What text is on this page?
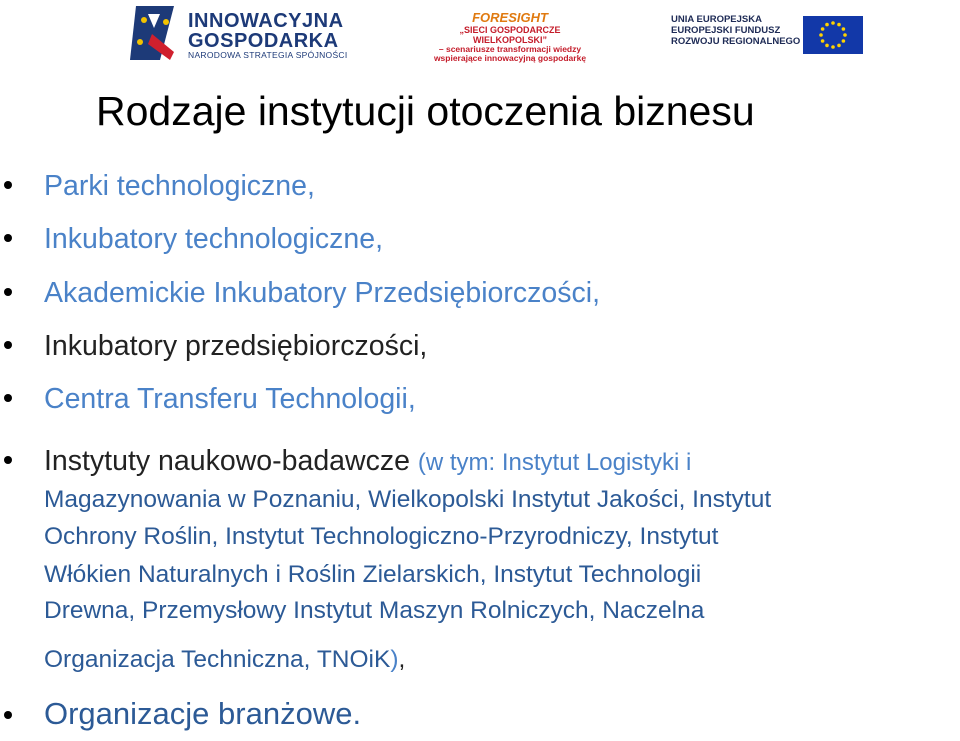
INNOWACYJNA
GOSPODARKA
NARODOWA STRATEGIA SPÓJNOŚCI
FORESIGHT
„SIECI GOSPODARCZE WIELKOPOLSKI”
– scenariusze transformacji wiedzy
wspierające innowacyjną gospodarkę
UNIA EUROPEJSKA
EUROPEJSKI FUNDUSZ
ROZWOJU REGIONALNEGO
Rodzaje instytucji otoczenia biznesu
Parki technologiczne,
Inkubatory technologiczne,
Akademickie Inkubatory Przedsiębiorczości,
Inkubatory przedsiębiorczości,
Centra Transferu Technologii,
Instytuty naukowo-badawcze (w tym: Instytut Logistyki i
Magazynowania w Poznaniu, Wielkopolski Instytut Jakości, Instytut
Ochrony Roślin, Instytut Technologiczno-Przyrodniczy, Instytut
Włókien Naturalnych i Roślin Zielarskich, Instytut Technologii
Drewna, Przemysłowy Instytut Maszyn Rolniczych, Naczelna
Organizacja Techniczna, TNOiK),
Organizacje branżowe.
